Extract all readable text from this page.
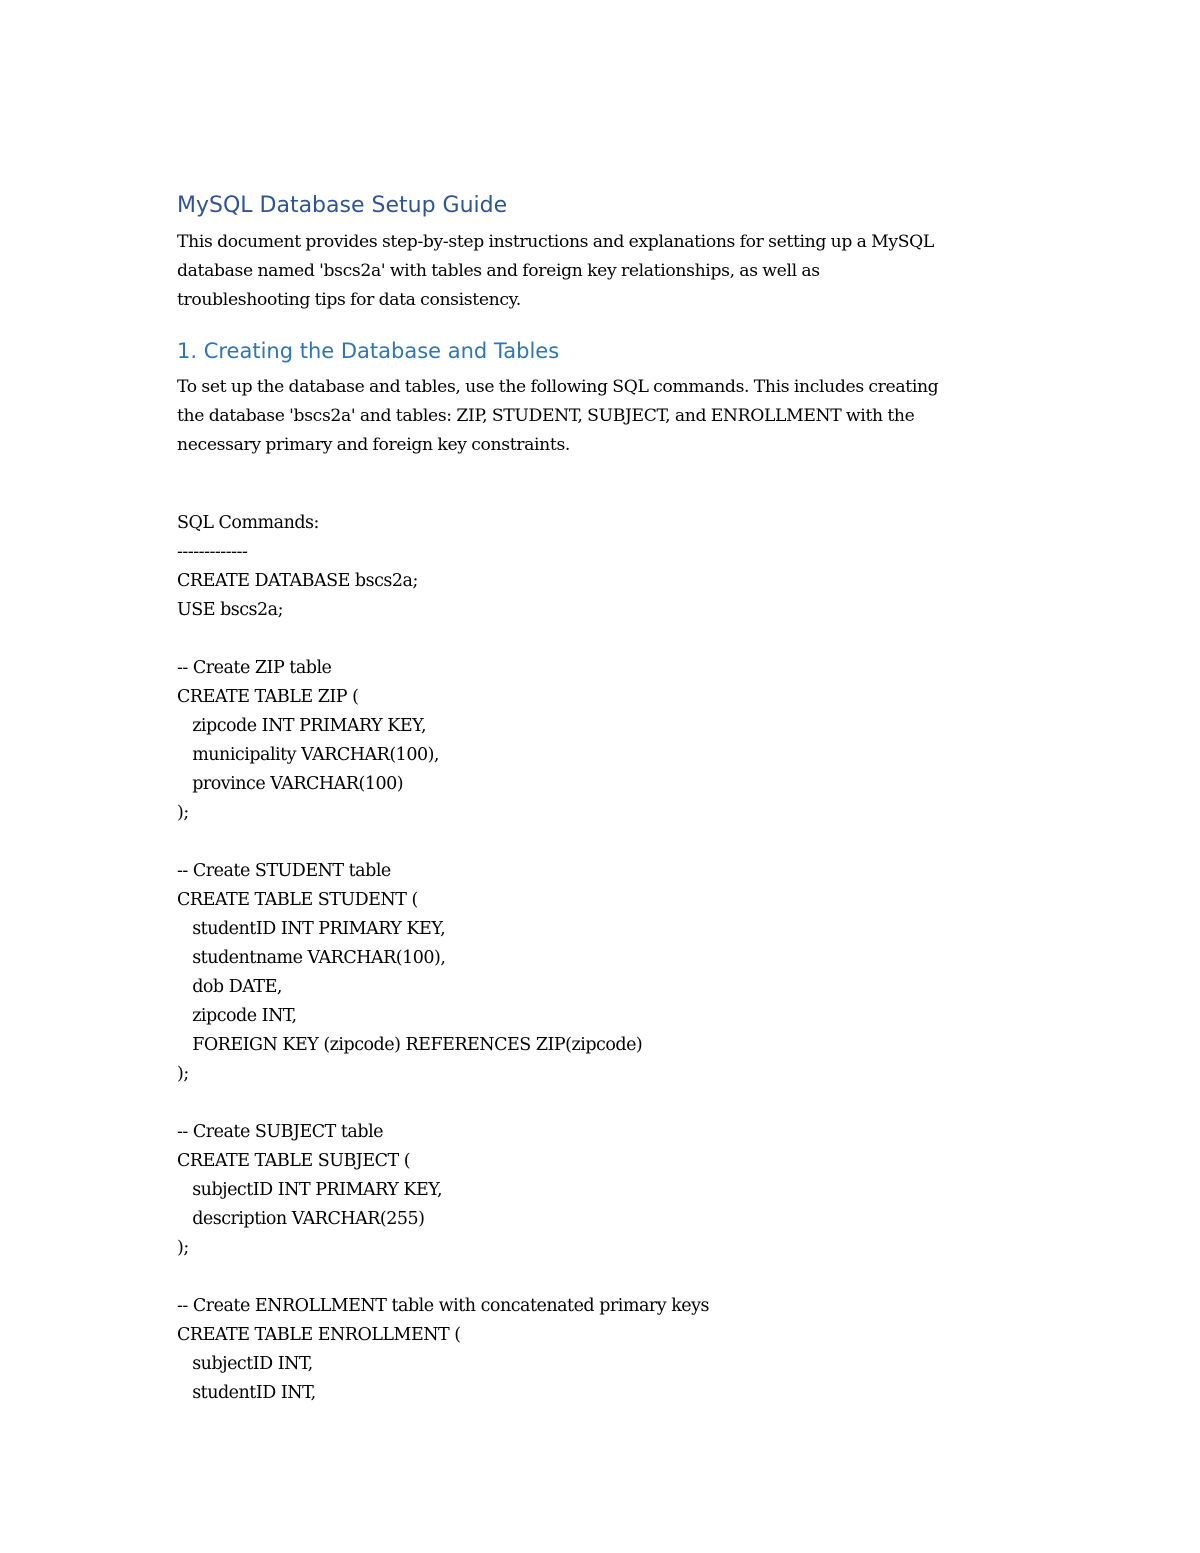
MySQL Database Setup Guide

This document provides step-by-step instructions and explanations for setting up a MySQL
database named 'bscs2a' with tables and foreign key relationships, as well as
troubleshooting tips for data consistency.

1. Creating the Database and Tables

To set up the database and tables, use the following SQL commands. This includes creating
the database 'bscs2a' and tables: ZIP, STUDENT, SUBJECT, and ENROLLMENT with the
necessary primary and foreign key constraints.

SQL Commands:
-------------
CREATE DATABASE bscs2a;
USE bscs2a;
-- Create ZIP table
CREATE TABLE ZIP (
zipcode INT PRIMARY KEY,
municipality VARCHAR(100),
province VARCHAR(100)
);
-- Create STUDENT table
CREATE TABLE STUDENT (
studentID INT PRIMARY KEY,
studentname VARCHAR(100),
dob DATE,
zipcode INT,
FOREIGN KEY (zipcode) REFERENCES ZIP(zipcode)
);
-- Create SUBJECT table
CREATE TABLE SUBJECT (
subjectID INT PRIMARY KEY,
description VARCHAR(255)
);
-- Create ENROLLMENT table with concatenated primary keys
CREATE TABLE ENROLLMENT (
subjectID INT,
studentID INT,
